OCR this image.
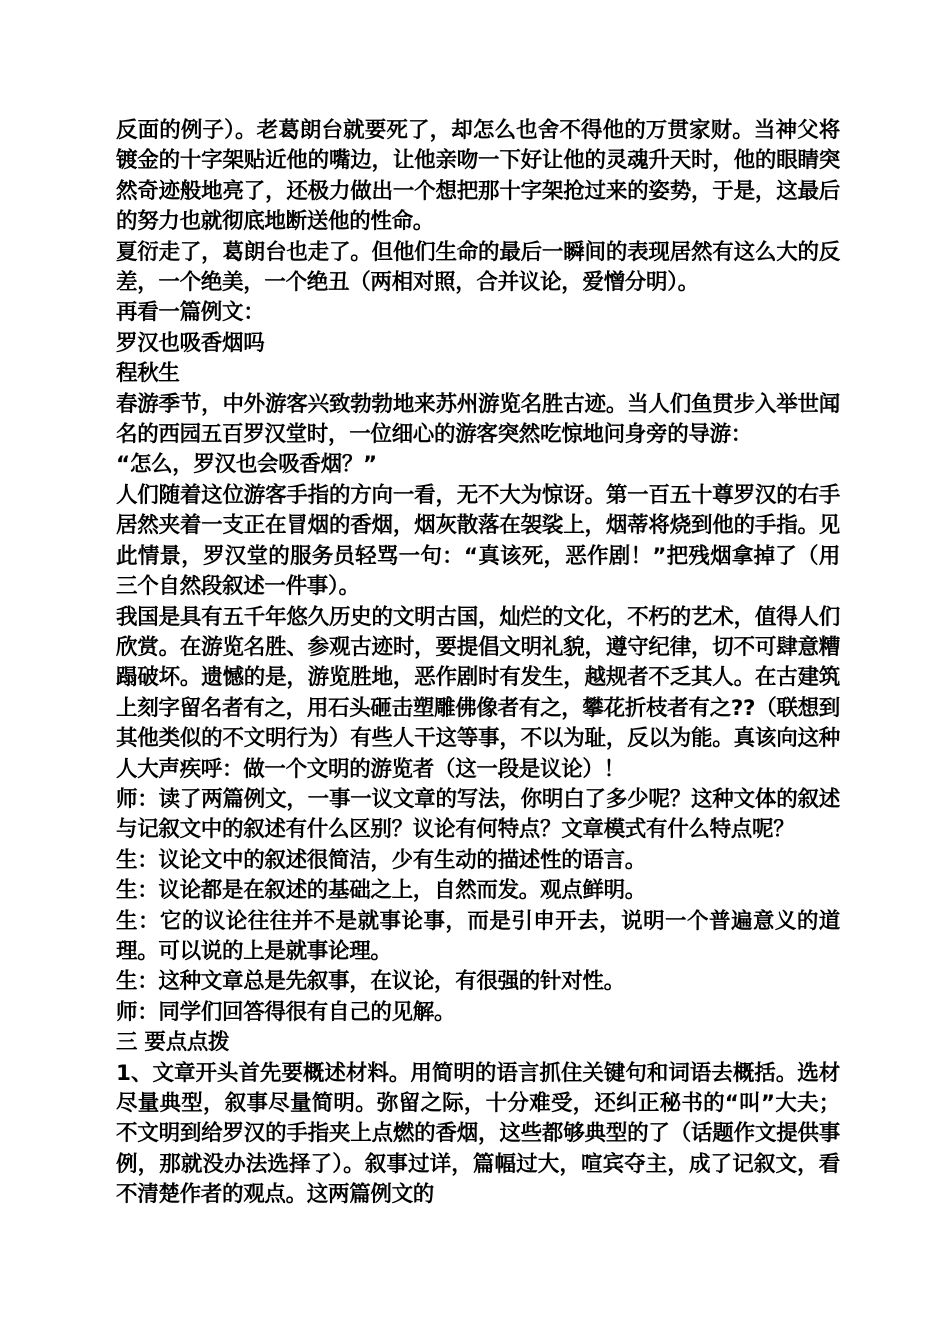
反面的例子）。老葛朗台就要死了，却怎么也舍不得他的万贯家财。当神父将镀金的十字架贴近他的嘴边，让他亲吻一下好让他的灵魂升天时，他的眼睛突然奇迹般地亮了，还极力做出一个想把那十字架抢过来的姿势，于是，这最后的努力也就彻底地断送他的性命。

夏衍走了，葛朗台也走了。但他们生命的最后一瞬间的表现居然有这么大的反差，一个绝美，一个绝丑（两相对照，合并议论，爱憎分明）。

再看一篇例文：

罗汉也吸香烟吗

程秋生

春游季节，中外游客兴致勃勃地来苏州游览名胜古迹。当人们鱼贯步入举世闻名的西园五百罗汉堂时，一位细心的游客突然吃惊地问身旁的导游：

“怎么，罗汉也会吸香烟？”

人们随着这位游客手指的方向一看，无不大为惊讶。第一百五十尊罗汉的右手居然夹着一支正在冒烟的香烟，烟灰散落在袈裟上，烟蒂将烧到他的手指。见此情景，罗汉堂的服务员轻骂一句：“真该死，恶作剧！”把残烟拿掉了（用三个自然段叙述一件事）。

我国是具有五千年悠久历史的文明古国，灿烂的文化，不朽的艺术，值得人们欣赏。在游览名胜、参观古迹时，要提倡文明礼貌，遵守纪律，切不可肆意糟蹋破坏。遗憾的是，游览胜地，恶作剧时有发生，越规者不乏其人。在古建筑上刻字留名者有之，用石头砸击塑雕佛像者有之，攀花折枝者有之??（联想到其他类似的不文明行为）有些人干这等事，不以为耻，反以为能。真该向这种人大声疾呼：做一个文明的游览者（这一段是议论）！

师：读了两篇例文，一事一议文章的写法，你明白了多少呢？这种文体的叙述与记叙文中的叙述有什么区别？议论有何特点？文章模式有什么特点呢？

生：议论文中的叙述很简洁，少有生动的描述性的语言。

生：议论都是在叙述的基础之上，自然而发。观点鲜明。

生：它的议论往往并不是就事论事，而是引申开去，说明一个普遍意义的道理。可以说的上是就事论理。

生：这种文章总是先叙事，在议论，有很强的针对性。

师：同学们回答得很有自己的见解。

三 要点点拨

1、文章开头首先要概述材料。用简明的语言抓住关键句和词语去概括。选材尽量典型，叙事尽量简明。弥留之际，十分难受，还纠正秘书的“叫”大夫；不文明到给罗汉的手指夹上点燃的香烟，这些都够典型的了（话题作文提供事例，那就没办法选择了）。叙事过详，篇幅过大，喧宾夺主，成了记叙文，看不清楚作者的观点。这两篇例文的
